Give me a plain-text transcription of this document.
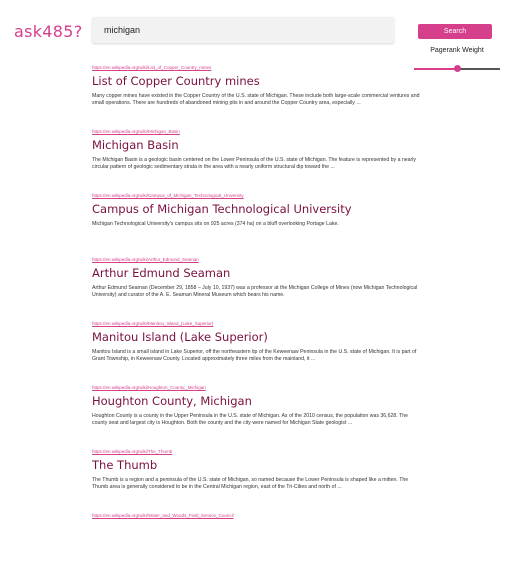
ask485?
michigan	Search
Pagerank Weight
https://en.wikipedia.org/wiki/List_of_Copper_Country_mines
List of Copper Country mines
Many copper mines have existed in the Copper Country of the U.S. state of Michigan. These include both large-scale commercial ventures and small operations. There are hundreds of abandoned mining pits in and around the Copper Country area, especially ...
https://en.wikipedia.org/wiki/Michigan_Basin
Michigan Basin
The Michigan Basin is a geologic basin centered on the Lower Peninsula of the U.S. state of Michigan. The feature is represented by a nearly circular pattern of geologic sedimentary strata in the area with a nearly uniform structural dip toward the ...
https://en.wikipedia.org/wiki/Campus_of_Michigan_Technological_University
Campus of Michigan Technological University
Michigan Technological University's campus sits on 925 acres (374 ha) on a bluff overlooking Portage Lake.
https://en.wikipedia.org/wiki/Arthur_Edmund_Seaman
Arthur Edmund Seaman
Arthur Edmund Seaman (December 29, 1858 – July 10, 1937) was a professor at the Michigan College of Mines (now Michigan Technological University) and curator of the A. E. Seaman Mineral Museum which bears his name.
https://en.wikipedia.org/wiki/Manitou_Island_(Lake_Superior)
Manitou Island (Lake Superior)
Manitou Island is a small island in Lake Superior, off the northeastern tip of the Keweenaw Peninsula in the U.S. state of Michigan. It is part of Grant Township, in Keweenaw County. Located approximately three miles from the mainland, it ...
https://en.wikipedia.org/wiki/Houghton_County,_Michigan
Houghton County, Michigan
Houghton County is a county in the Upper Peninsula in the U.S. state of Michigan. As of the 2010 census, the population was 36,628. The county seat and largest city is Houghton. Both the county and the city were named for Michigan State geologist ...
https://en.wikipedia.org/wiki/The_Thumb
The Thumb
The Thumb is a region and a peninsula of the U.S. state of Michigan, so named because the Lower Peninsula is shaped like a mitten. The Thumb area is generally considered to be in the Central Michigan region, east of the Tri-Cities and north of ...
https://en.wikipedia.org/wiki/Water_and_Woods_Field_Service_Council
